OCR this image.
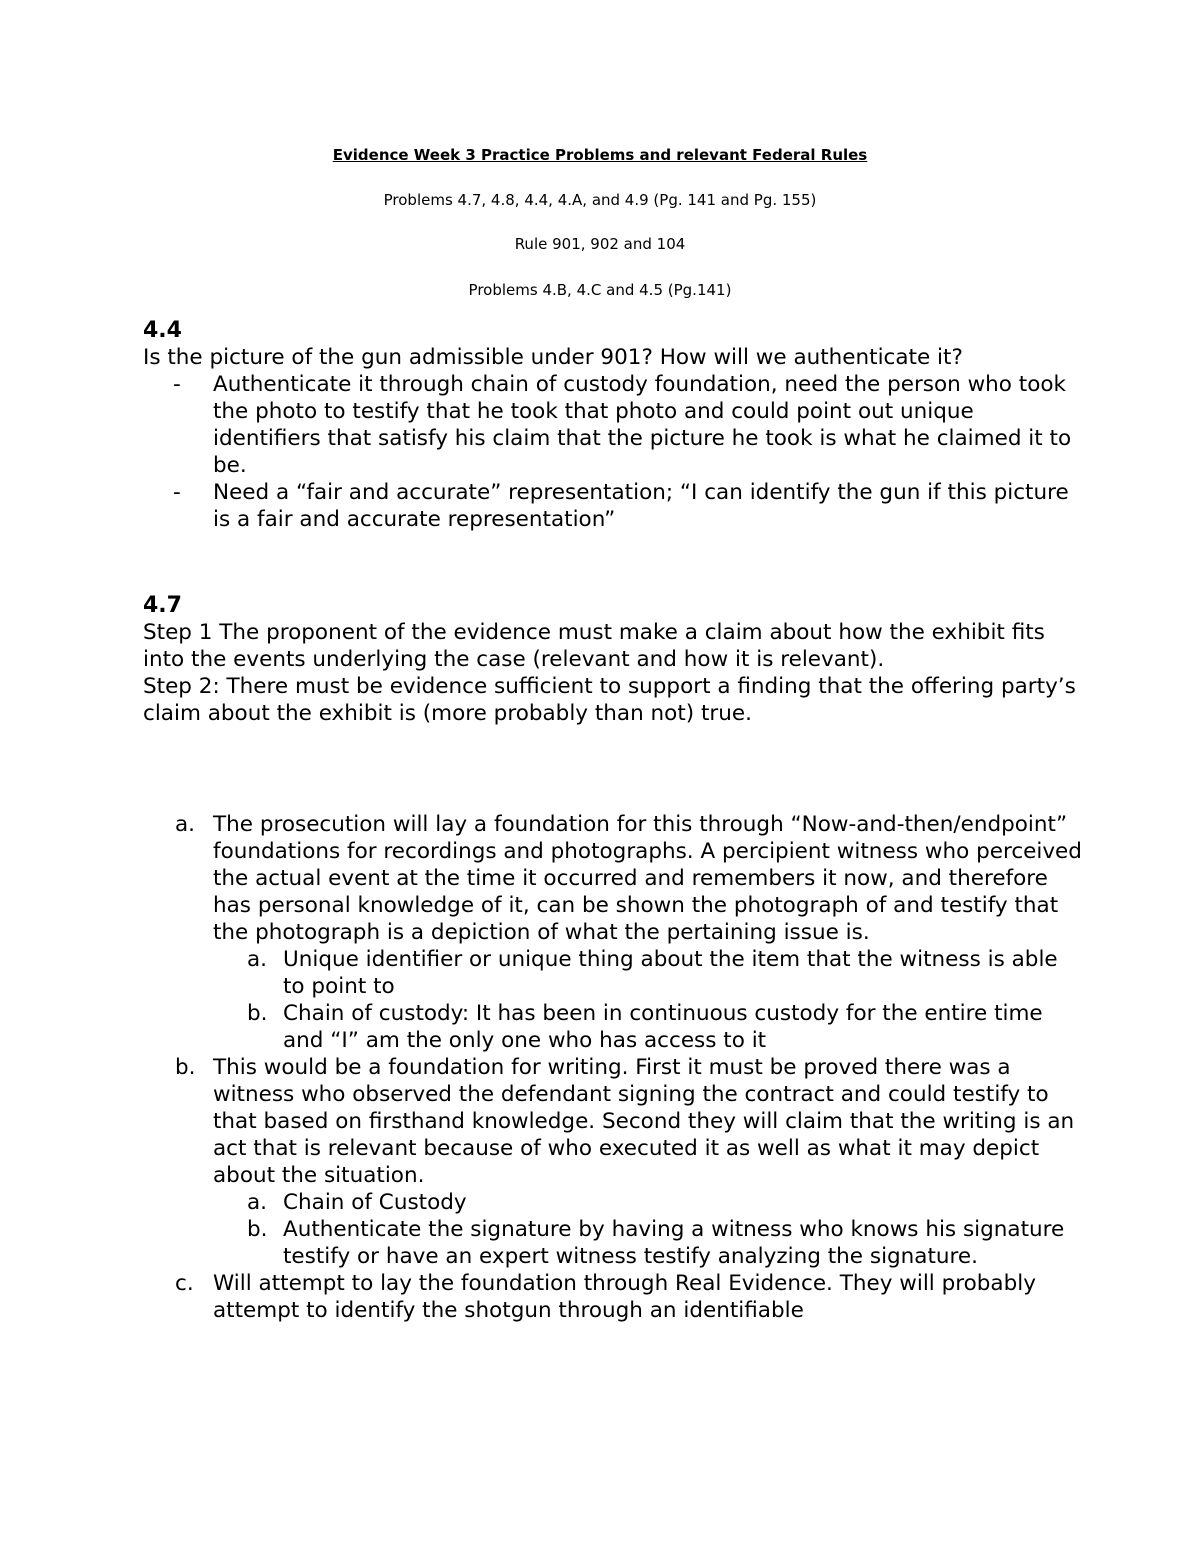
Evidence Week 3 Practice Problems and relevant Federal Rules
Problems 4.7, 4.8, 4.4, 4.A, and 4.9 (Pg. 141 and Pg. 155)
Rule 901, 902 and 104
Problems 4.B, 4.C and 4.5 (Pg.141)
4.4
Is the picture of the gun admissible under 901? How will we authenticate it?
- Authenticate it through chain of custody foundation, need the person who took the photo to testify that he took that photo and could point out unique identifiers that satisfy his claim that the picture he took is what he claimed it to be.
- Need a “fair and accurate” representation; “I can identify the gun if this picture is a fair and accurate representation”
4.7
Step 1 The proponent of the evidence must make a claim about how the exhibit fits into the events underlying the case (relevant and how it is relevant).
Step 2: There must be evidence sufficient to support a finding that the offering party’s claim about the exhibit is (more probably than not) true.
a. The prosecution will lay a foundation for this through “Now-and-then/endpoint” foundations for recordings and photographs. A percipient witness who perceived the actual event at the time it occurred and remembers it now, and therefore has personal knowledge of it, can be shown the photograph of and testify that the photograph is a depiction of what the pertaining issue is.
a. Unique identifier or unique thing about the item that the witness is able to point to
b. Chain of custody: It has been in continuous custody for the entire time and “I” am the only one who has access to it
b. This would be a foundation for writing. First it must be proved there was a witness who observed the defendant signing the contract and could testify to that based on firsthand knowledge. Second they will claim that the writing is an act that is relevant because of who executed it as well as what it may depict about the situation.
a. Chain of Custody
b. Authenticate the signature by having a witness who knows his signature testify or have an expert witness testify analyzing the signature.
c. Will attempt to lay the foundation through Real Evidence. They will probably attempt to identify the shotgun through an identifiable
